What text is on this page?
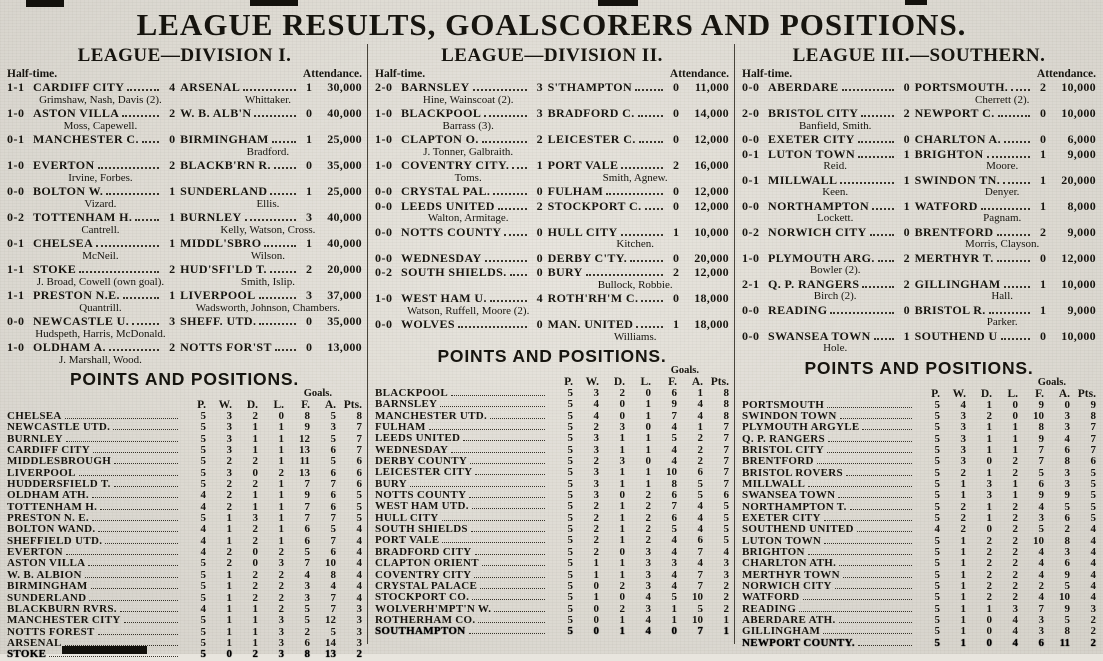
LEAGUE RESULTS, GOALSCORERS AND POSITIONS.
LEAGUE—DIVISION I.
Half-time.	Attendance.
1-1 CARDIFF CITY	4 ARSENAL	1	30,000
Grimshaw, Nash, Davis (2).	Whittaker.
1-0 ASTON VILLA	2 W. B. ALB'N	0	40,000
Moss, Capewell.
0-1 MANCHESTER C.	0 BIRMINGHAM	1	25,000
Bradford.
1-0 EVERTON	2 BLACKB'RN R.	0	35,000
Irvine, Forbes.
0-0 BOLTON W.	1 SUNDERLAND	1	25,000
Vizard.	Ellis.
0-2 TOTTENHAM H.	1 BURNLEY	3	40,000
Cantrell.	Kelly, Watson, Cross.
0-1 CHELSEA	1 MIDDL'SBRO	1	40,000
McNeil.	Wilson.
1-1 STOKE	2 HUD'SFI'LD T.	2	20,000
J. Broad, Cowell (own goal).	Smith, Islip.
1-1 PRESTON N.E.	1 LIVERPOOL	3	37,000
Quantrill.	Wadsworth, Johnson, Chambers.
0-0 NEWCASTLE U.	3 SHEFF. UTD.	0	35,000
Hudspeth, Harris, McDonald.
1-0 OLDHAM A.	2 NOTTS FOR'ST	0	13,000
J. Marshall, Wood.
POINTS AND POSITIONS.
Goals.
P.	W.	D.	L.	F.	A. Pts.
CHELSEA	5	3	2	0	8	5	8
NEWCASTLE UTD.	5	3	1	1	9	3	7
BURNLEY	5	3	1	1	12	5	7
CARDIFF CITY	5	3	1	1	13	6	7
MIDDLESBROUGH	5	2	2	1	11	5	6
LIVERPOOL	5	3	0	2	13	6	6
HUDDERSFIELD T.	5	2	2	1	7	7	6
OLDHAM ATH.	4	2	1	1	9	6	5
TOTTENHAM H.	4	2	1	1	7	6	5
PRESTON N. E.	5	1	3	1	7	7	5
BOLTON WAND.	4	1	2	1	6	5	4
SHEFFIELD UTD.	4	1	2	1	6	7	4
EVERTON	4	2	0	2	5	6	4
ASTON VILLA	5	2	0	3	7	10	4
W. B. ALBION	5	1	2	2	4	8	4
BIRMINGHAM	5	1	2	2	3	4	4
SUNDERLAND	5	1	2	2	3	7	4
BLACKBURN RVRS.	4	1	1	2	5	7	3
MANCHESTER CITY	5	1	1	3	5	12	3
NOTTS FOREST	5	1	1	3	2	5	3
ARSENAL	5	1	1	3	6	14	3
STOKE	5	0	2	3	8	13	2
LEAGUE—DIVISION II.
Half-time.	Attendance.
2-0 BARNSLEY	3 S'THAMPTON	0	11,000
Hine, Wainscoat (2).
1-0 BLACKPOOL	3 BRADFORD C.	0	14,000
Barrass (3).
1-0 CLAPTON O.	2 LEICESTER C.	0	12,000
J. Tonner, Galbraith.
1-0 COVENTRY CITY.	1 PORT VALE	2	16,000
Toms.	Smith, Agnew.
0-0 CRYSTAL PAL.	0 FULHAM	0	12,000
0-0 LEEDS UNITED	2 STOCKPORT C.	0	12,000
Walton, Armitage.
0-0 NOTTS COUNTY	0 HULL CITY	1	10,000
Kitchen.
0-0 WEDNESDAY	0 DERBY C'TY.	0	20,000
0-2 SOUTH SHIELDS.	0 BURY	2	12,000
Bullock, Robbie.
1-0 WEST HAM U.	4 ROTH'RH'M C.	0	18,000
Watson, Ruffell, Moore (2).
0-0 WOLVES	0 MAN. UNITED	1	18,000
Williams.
POINTS AND POSITIONS.
Goals.
P.	W.	D.	L.	F.	A. Pts.
BLACKPOOL	5	3	2	0	6	1	8
BARNSLEY	5	4	0	1	9	4	8
MANCHESTER UTD.	5	4	0	1	7	4	8
FULHAM	5	2	3	0	4	1	7
LEEDS UNITED	5	3	1	1	5	2	7
WEDNESDAY	5	3	1	1	4	2	7
DERBY COUNTY	5	2	3	0	4	2	7
LEICESTER CITY	5	3	1	1	10	6	7
BURY	5	3	1	1	8	5	7
NOTTS COUNTY	5	3	0	2	6	5	6
WEST HAM UTD.	5	2	1	2	7	4	5
HULL CITY	5	2	1	2	6	4	5
SOUTH SHIELDS	5	2	1	2	5	4	5
PORT VALE	5	2	1	2	4	6	5
BRADFORD CITY	5	2	0	3	4	7	4
CLAPTON ORIENT	5	1	1	3	3	4	3
COVENTRY CITY	5	1	1	3	4	7	3
CRYSTAL PALACE	5	0	2	3	4	7	2
STOCKPORT CO.	5	1	0	4	5	10	2
WOLVERH'MPT'N W.	5	0	2	3	1	5	2
ROTHERHAM CO.	5	0	1	4	1	10	1
SOUTHAMPTON	5	0	1	4	0	7	1
LEAGUE III.—SOUTHERN.
Half-time.	Attendance.
0-0 ABERDARE	0 PORTSMOUTH.	2	10,000
Cherrett (2).
2-0 BRISTOL CITY	2 NEWPORT C.	0	10,000
Banfield, Smith.
0-0 EXETER CITY	0 CHARLTON A.	0	6,000
0-1 LUTON TOWN	1 BRIGHTON	1	9,000
Reid.	Moore.
0-1 MILLWALL	1 SWINDON TN.	1	20,000
Keen.	Denyer.
0-0 NORTHAMPTON	1 WATFORD	1	8,000
Lockett.	Pagnam.
0-2 NORWICH CITY	0 BRENTFORD	2	9,000
Morris, Clayson.
1-0 PLYMOUTH ARG.	2 MERTHYR T.	0	12,000
Bowler (2).
2-1 Q. P. RANGERS	2 GILLINGHAM	1	10,000
Birch (2).	Hall.
0-0 READING	0 BRISTOL R.	1	9,000
Parker.
0-0 SWANSEA TOWN	1 SOUTHEND U	0	10,000
Hole.
POINTS AND POSITIONS.
Goals.
P.	W.	D.	L.	F.	A. Pts.
PORTSMOUTH	5	4	1	0	9	0	9
SWINDON TOWN	5	3	2	0	10	3	8
PLYMOUTH ARGYLE	5	3	1	1	8	3	7
Q. P. RANGERS	5	3	1	1	9	4	7
BRISTOL CITY	5	3	1	1	7	6	7
BRENTFORD	5	3	0	2	7	8	6
BRISTOL ROVERS	5	2	1	2	5	3	5
MILLWALL	5	1	3	1	6	3	5
SWANSEA TOWN	5	1	3	1	9	9	5
NORTHAMPTON T.	5	2	1	2	4	5	5
EXETER CITY	5	2	1	2	3	6	5
SOUTHEND UNITED	4	2	0	2	5	2	4
LUTON TOWN	5	1	2	2	10	8	4
BRIGHTON	5	1	2	2	4	3	4
CHARLTON ATH.	5	1	2	2	4	6	4
MERTHYR TOWN	5	1	2	2	4	9	4
NORWICH CITY	5	1	2	2	2	5	4
WATFORD	5	1	2	2	4	10	4
READING	5	1	1	3	7	9	3
ABERDARE ATH.	5	1	0	4	3	5	2
GILLINGHAM	5	1	0	4	3	8	2
NEWPORT COUNTY.	5	1	0	4	6	11	2
